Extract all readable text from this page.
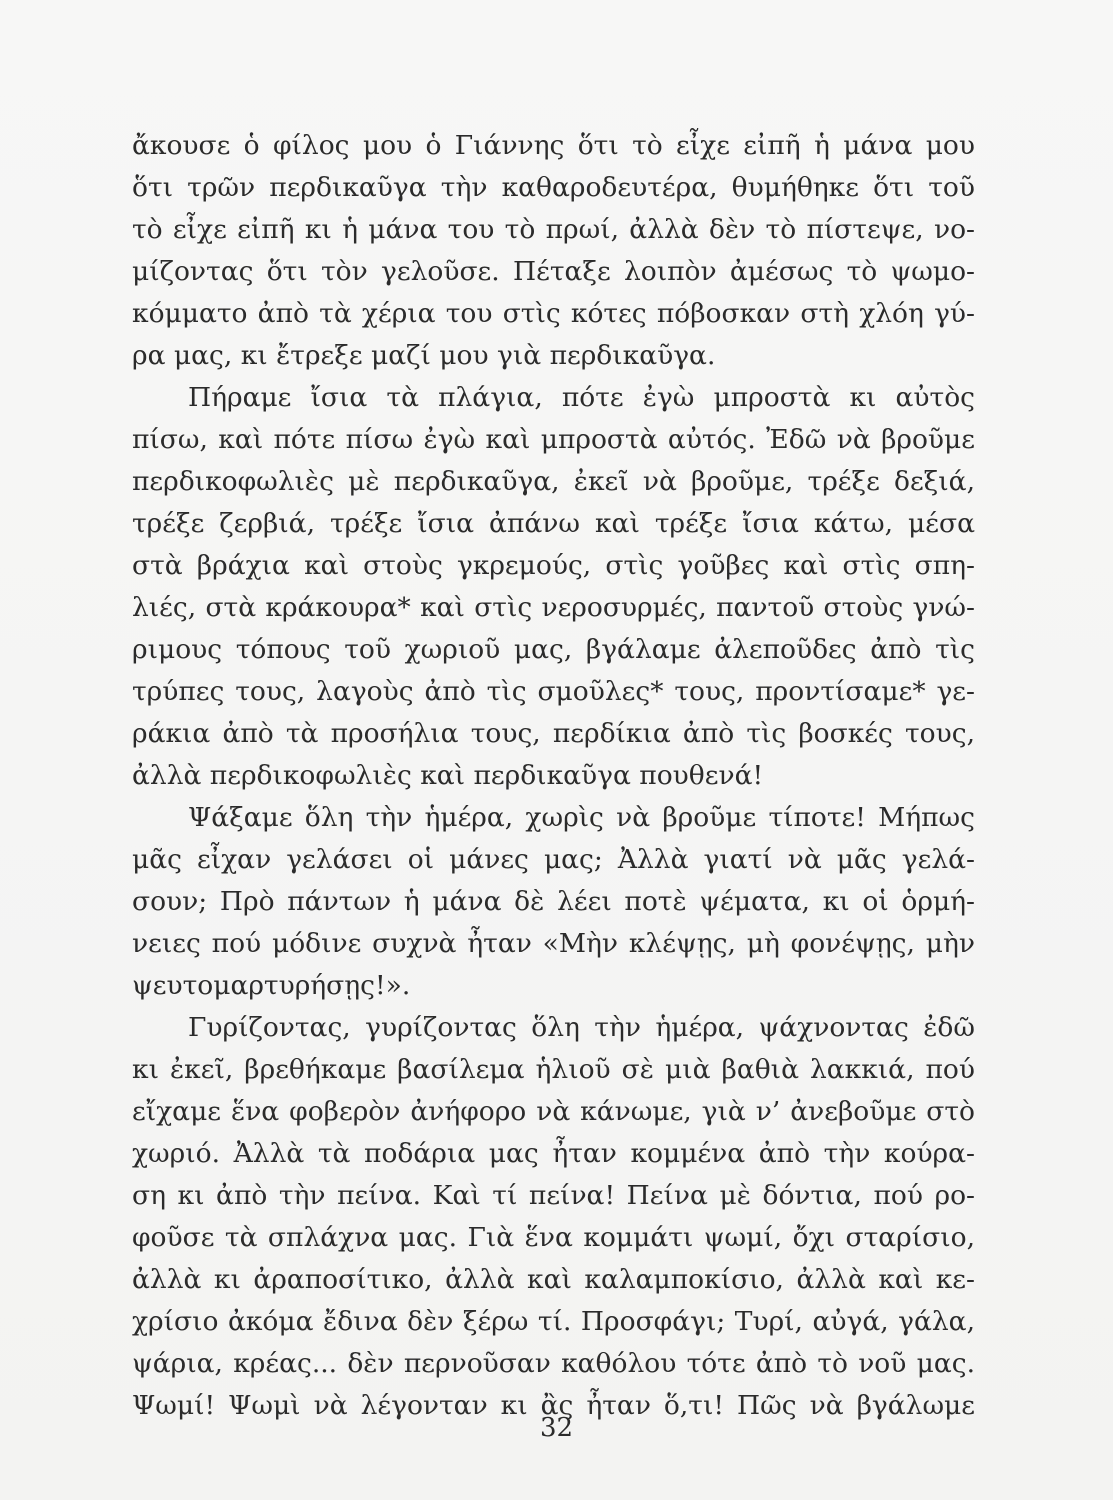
ἄκουσε ὁ φίλος μου ὁ Γιάννης ὅτι τὸ εἶχε εἰπῆ ἡ μάνα μου
ὅτι τρῶν περδικαῦγα τὴν καθαροδευτέρα, θυμήθηκε ὅτι τοῦ
τὸ εἶχε εἰπῆ κι ἡ μάνα του τὸ πρωί, ἀλλὰ δὲν τὸ πίστεψε, νο-
μίζοντας ὅτι τὸν γελοῦσε. Πέταξε λοιπὸν ἀμέσως τὸ ψωμο-
κόμματο ἀπὸ τὰ χέρια του στὶς κότες πόβοσκαν στὴ χλόη γύ-
ρα μας, κι ἔτρεξε μαζί μου γιὰ περδικαῦγα.
Πήραμε ἴσια τὰ πλάγια, πότε ἐγὼ μπροστὰ κι αὐτὸς
πίσω, καὶ πότε πίσω ἐγὼ καὶ μπροστὰ αὐτός. Ἐδῶ νὰ βροῦμε
περδικοφωλιὲς μὲ περδικαῦγα, ἐκεῖ νὰ βροῦμε, τρέξε δεξιά,
τρέξε ζερβιά, τρέξε ἴσια ἀπάνω καὶ τρέξε ἴσια κάτω, μέσα
στὰ βράχια καὶ στοὺς γκρεμούς, στὶς γοῦβες καὶ στὶς σπη-
λιές, στὰ κράκουρα* καὶ στὶς νεροσυρμές, παντοῦ στοὺς γνώ-
ριμους τόπους τοῦ χωριοῦ μας, βγάλαμε ἀλεποῦδες ἀπὸ τὶς
τρύπες τους, λαγοὺς ἀπὸ τὶς σμοῦλες* τους, προντίσαμε* γε-
ράκια ἀπὸ τὰ προσήλια τους, περδίκια ἀπὸ τὶς βοσκές τους,
ἀλλὰ περδικοφωλιὲς καὶ περδικαῦγα πουθενά!
Ψάξαμε ὅλη τὴν ἡμέρα, χωρὶς νὰ βροῦμε τίποτε! Μήπως
μᾶς εἶχαν γελάσει οἱ μάνες μας; Ἀλλὰ γιατί νὰ μᾶς γελά-
σουν; Πρὸ πάντων ἡ μάνα δὲ λέει ποτὲ ψέματα, κι οἱ ὁρμή-
νειες πού μόδινε συχνὰ ἦταν «Μὴν κλέψῃς, μὴ φονέψῃς, μὴν
ψευτομαρτυρήσῃς!».
Γυρίζοντας, γυρίζοντας ὅλη τὴν ἡμέρα, ψάχνοντας ἐδῶ
κι ἐκεῖ, βρεθήκαμε βασίλεμα ἡλιοῦ σὲ μιὰ βαθιὰ λακκιά, πού
εἴχαμε ἕνα φοβερὸν ἀνήφορο νὰ κάνωμε, γιὰ ν’ ἀνεβοῦμε στὸ
χωριό. Ἀλλὰ τὰ ποδάρια μας ἦταν κομμένα ἀπὸ τὴν κούρα-
ση κι ἀπὸ τὴν πείνα. Καὶ τί πείνα! Πείνα μὲ δόντια, πού ρο-
φοῦσε τὰ σπλάχνα μας. Γιὰ ἕνα κομμάτι ψωμί, ὄχι σταρίσιο,
ἀλλὰ κι ἀραποσίτικο, ἀλλὰ καὶ καλαμποκίσιο, ἀλλὰ καὶ κε-
χρίσιο ἀκόμα ἔδινα δὲν ξέρω τί. Προσφάγι; Τυρί, αὐγά, γάλα,
ψάρια, κρέας... δὲν περνοῦσαν καθόλου τότε ἀπὸ τὸ νοῦ μας.
Ψωμί! Ψωμὶ νὰ λέγονταν κι ἂς ἦταν ὅ,τι! Πῶς νὰ βγάλωμε
32
